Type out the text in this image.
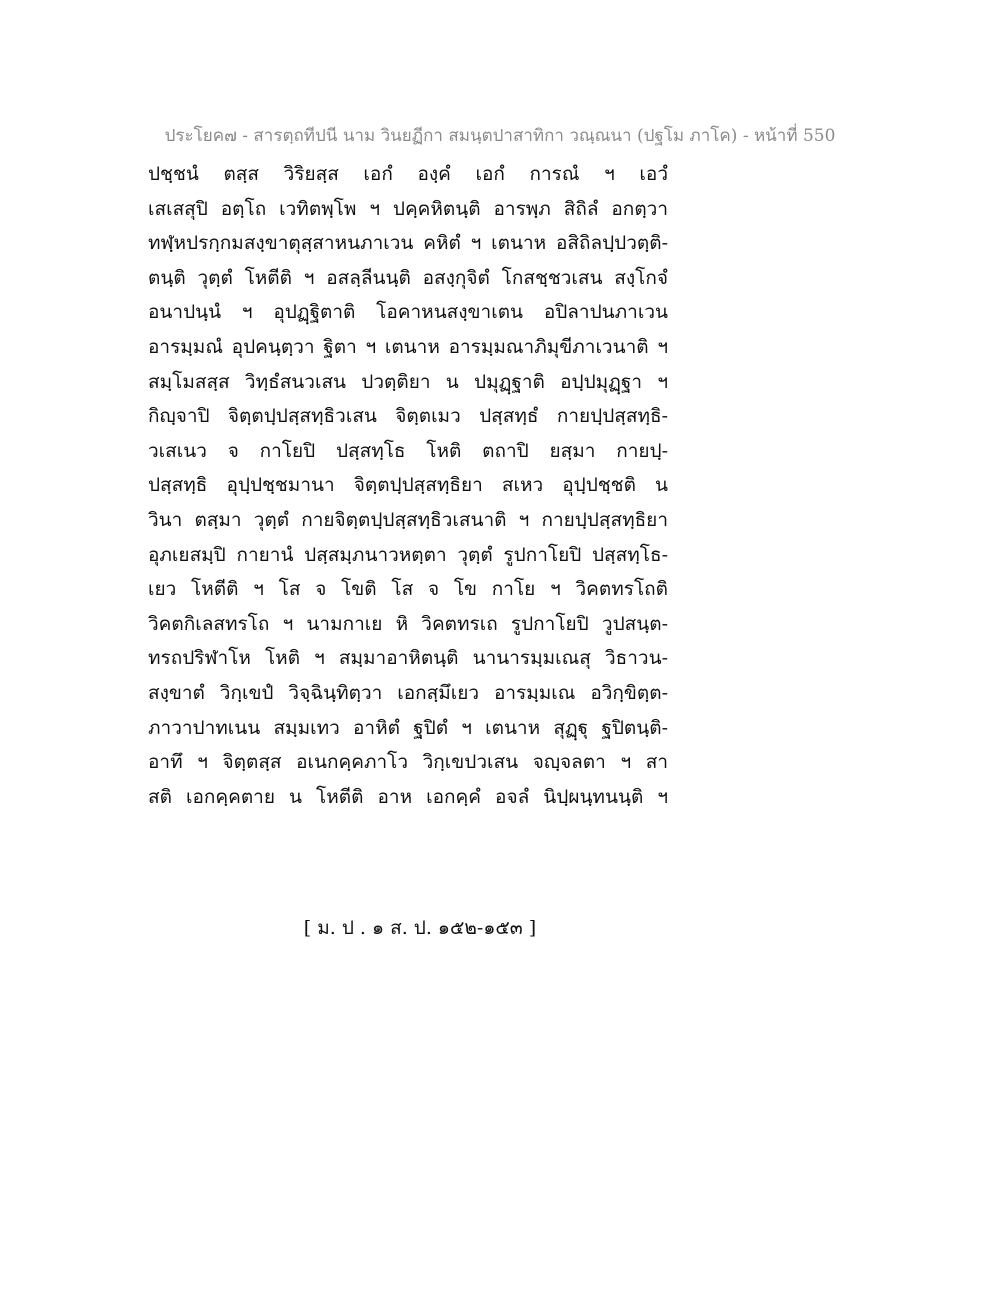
ประโยค๗ - สารตฺถทีปนี นาม วินยฏีกา สมนฺตปาสาทิกา วณฺณนา (ปฐโม ภาโค) - หน้าที่ 550
ปชฺชนํ ตสฺส วิริยสฺส เอกํ องฺคํ เอกํ การณํ ฯ เอวํ
เสเสสุปิ อตฺโถ เวทิตพฺโพ ฯ ปคฺคหิตนฺติ อารพฺภ สิถิลํ อกตฺวา
ทฬฺหปรกฺกมสงฺขาตุสฺสาหนภาเวน คหิตํ ฯ เตนาห อสิถิลปฺปวตฺติ-
ตนฺติ วุตฺตํ โหตีติ ฯ อสลฺลีนนฺติ อสงฺกุจิตํ โกสชฺชวเสน สงฺโกจํ
อนาปนฺนํ ฯ อุปฏฺฐิตาติ โอคาหนสงฺขาเตน อปิลาปนภาเวน
อารมฺมณํ อุปคนฺตฺวา ฐิตา ฯ เตนาห อารมฺมณาภิมุขีภาเวนาติ ฯ
สมฺโมสสฺส วิทฺธํสนวเสน ปวตฺติยา น ปมุฏฺฐาติ อปฺปมุฏฺฐา ฯ
กิญฺจาปิ จิตฺตปฺปสฺสทฺธิวเสน จิตฺตเมว ปสฺสทฺธํ กายปฺปสฺสทฺธิ-
วเสเนว จ กาโยปิ ปสฺสทฺโธ โหติ ตถาปิ ยสฺมา กายปฺ-
ปสฺสทฺธิ อุปฺปชฺชมานา จิตฺตปฺปสฺสทฺธิยา สเหว อุปฺปชฺชติ น
วินา ตสฺมา วุตฺตํ กายจิตฺตปฺปสฺสทฺธิวเสนาติ ฯ กายปฺปสฺสทฺธิยา
อุภเยสมฺปิ กายานํ ปสฺสมฺภนาวหตฺตา วุตฺตํ รูปกาโยปิ ปสฺสทฺโธ-
เยว โหตีติ ฯ โส จ โขติ โส จ โข กาโย ฯ วิคตทรโถติ
วิคตกิเลสทรโถ ฯ นามกาเย หิ วิคตทรเถ รูปกาโยปิ วูปสนฺต-
ทรถปริฬาโห โหติ ฯ สมฺมาอาหิตนฺติ นานารมฺมเณสุ วิธาวน-
สงฺขาตํ วิกฺเขปํ วิจฺฉินฺทิตฺวา เอกสฺมึเยว อารมฺมเณ อวิกฺขิตฺต-
ภาวาปาทเนน สมฺมเทว อาหิตํ ฐปิตํ ฯ เตนาห สุฏฺฐุ ฐปิตนฺติ-
อาทึ ฯ จิตฺตสฺส อเนกคฺคภาโว วิกฺเขปวเสน จญฺจลตา ฯ สา
สติ เอกคฺคตาย น โหตีติ อาห เอกคฺคํ อจลํ นิปฺผนฺทนนฺติ ฯ
[ ม. ป . ๑ ส. ป. ๑๕๒-๑๕๓ ]
